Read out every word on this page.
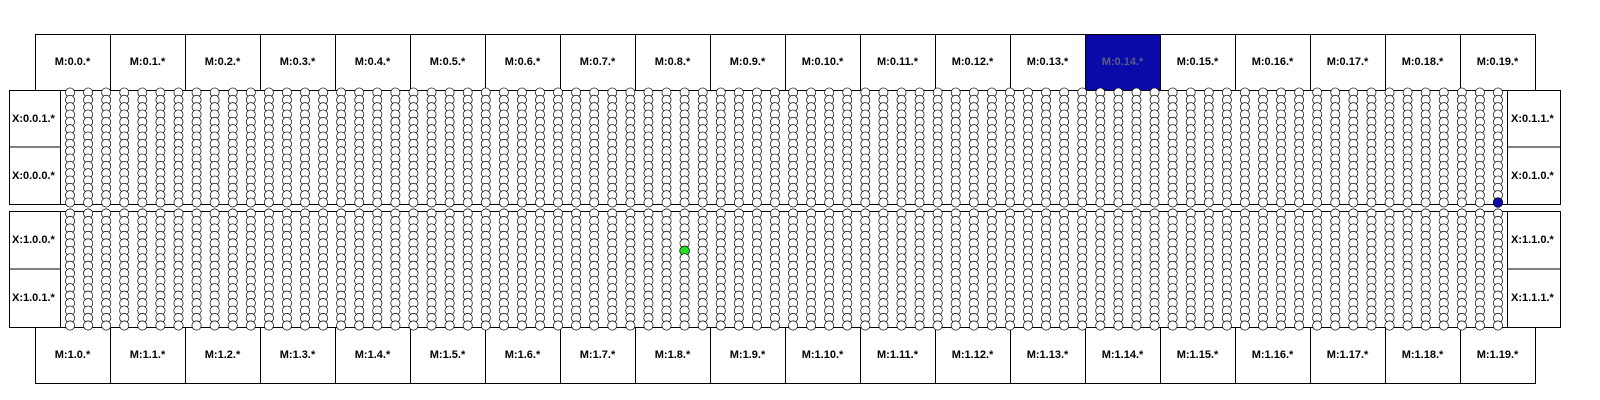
M:0.0.*	M:0.1.*	M:0.2.*	M:0.3.*	M:0.4.*	M:0.5.*	M:0.6.*	M:0.7.*	M:0.8.*	M:0.9.*	M:0.10.*	M:0.11.*	M:0.12.*	M:0.13.*	M:0.14.*	M:0.15.*	M:0.16.*	M:0.17.*	M:0.18.*	M:0.19.*
M:1.0.*	M:1.1.*	M:1.2.*	M:1.3.*	M:1.4.*	M:1.5.*	M:1.6.*	M:1.7.*	M:1.8.*	M:1.9.*	M:1.10.*	M:1.11.*	M:1.12.*	M:1.13.*	M:1.14.*	M:1.15.*	M:1.16.*	M:1.17.*	M:1.18.*	M:1.19.*
X:0.0.1.*
X:0.0.0.*
X:0.1.1.*
X:0.1.0.*
X:1.0.0.*
X:1.0.1.*
X:1.1.0.*
X:1.1.1.*
